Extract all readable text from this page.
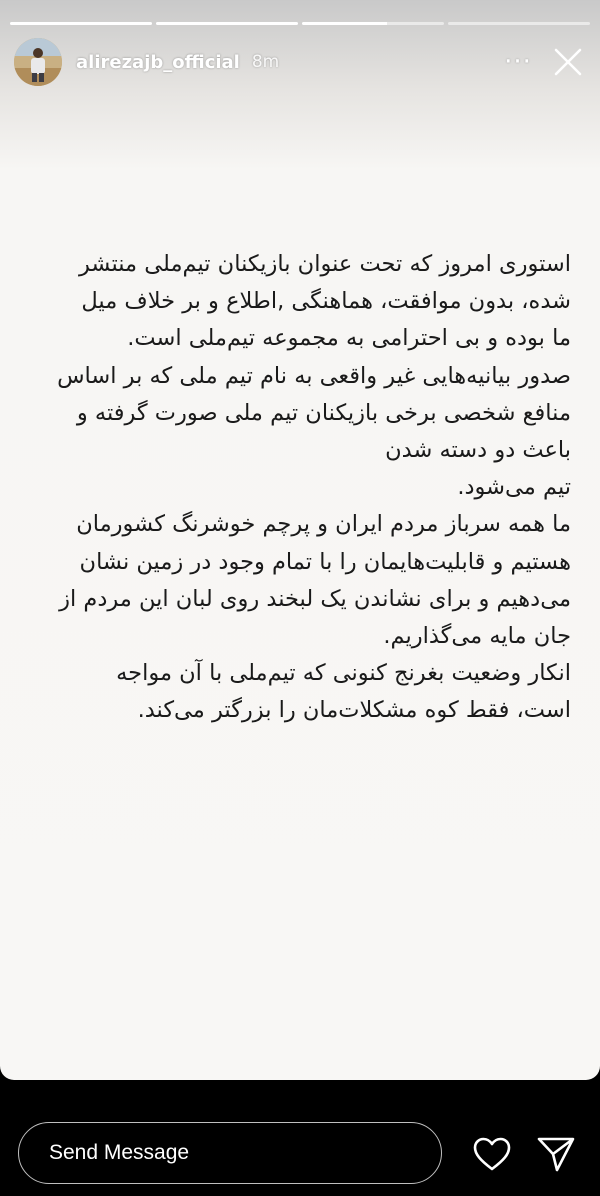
alirezajb_official 8m	···

استوری امروز که تحت عنوان بازیکنان تیم‌ملی منتشر شده، بدون موافقت، هماهنگی ,اطلاع و بر خلاف میل ما بوده و بی احترامی به مجموعه تیم‌ملی است.

صدور بیانیه‌هایی غیر واقعی به نام تیم ملی که بر اساس منافع شخصی برخی بازیکنان تیم ملی صورت گرفته و باعث دو دسته شدن

تیم می‌شود.

ما همه سرباز مردم ایران و پرچم خوشرنگ کشورمان هستیم و قابلیت‌هایمان را با تمام وجود در زمین نشان می‌دهیم و برای نشاندن یک لبخند روی لبان این مردم از جان مایه می‌گذاریم.

انکار وضعیت بغرنج کنونی که تیم‌ملی با آن مواجه است، فقط کوه مشکلات‌مان را بزرگتر می‌کند.

Send Message
